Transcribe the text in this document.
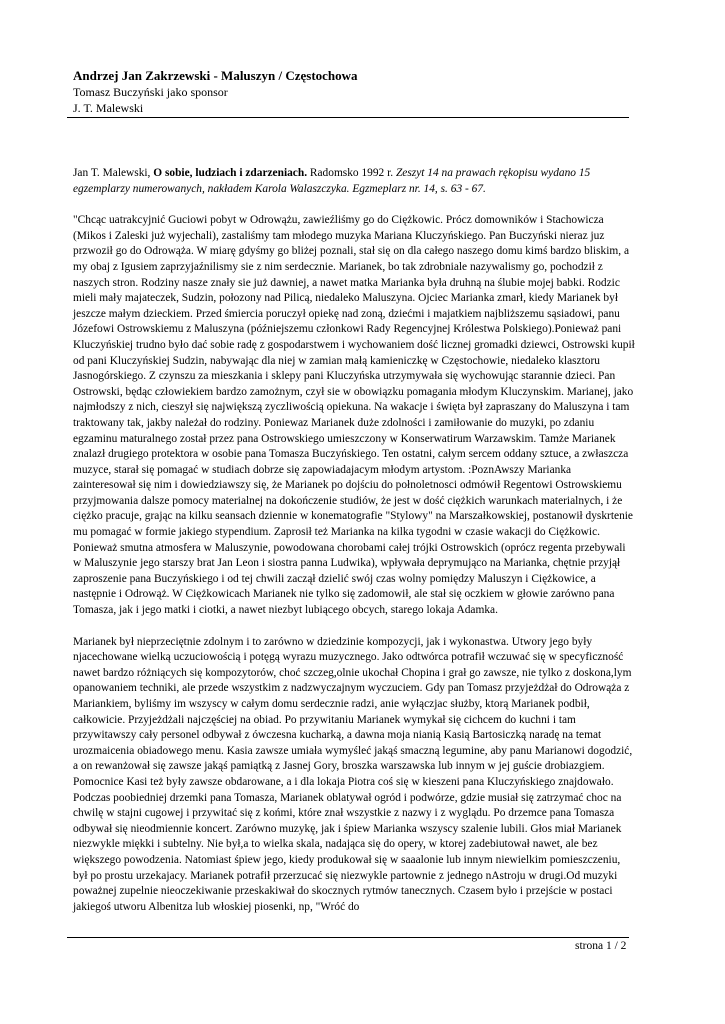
Andrzej Jan Zakrzewski - Maluszyn / Częstochowa
Tomasz Buczyński jako sponsor
J. T. Malewski

Jan T. Malewski, O sobie, ludziach i zdarzeniach. Radomsko 1992 r. Zeszyt 14 na prawach rękopisu wydano 15 egzemplarzy numerowanych, nakładem Karola Walaszczyka. Egzmeplarz nr. 14, s. 63 - 67.

"Chcąc uatrakcyjnić Guciowi pobyt w Odrowążu, zawieźliśmy go do Ciężkowic. Prócz domowników i Stachowicza (Mikos i Zaleski już wyjechali), zastaliśmy tam młodego muzyka Mariana Kluczyńskiego. Pan Buczyński nieraz juz przwoził go do Odrowąża. W miarę gdyśmy go bliżej poznali, stał się on dla całego naszego domu kimś bardzo bliskim, a my obaj z Igusiem zaprzyjaźnilismy sie z nim serdecznie. Marianek, bo tak zdrobniale nazywalismy go, pochodził z naszych stron. Rodziny nasze znały sie już dawniej, a nawet matka Marianka była druhną na ślubie mojej babki. Rodzic mieli mały majateczek, Sudzin, połozony nad Pilicą, niedaleko Maluszyna. Ojciec Marianka zmarł, kiedy Marianek był jeszcze małym dzieckiem. Przed śmiercia poruczył opiekę nad zoną, dziećmi i majatkiem najbliższemu sąsiadowi, panu Józefowi Ostrowskiemu z Maluszyna (późniejszemu członkowi Rady Regencyjnej Królestwa Polskiego).Ponieważ pani Kluczyńskiej trudno było dać sobie radę z gospodarstwem i wychowaniem dość licznej gromadki dziewci, Ostrowski kupił od pani Kluczyńskiej Sudzin, nabywając dla niej w zamian małą kamieniczkę w Częstochowie, niedaleko klasztoru Jasnogórskiego. Z czynszu za mieszkania i sklepy pani Kluczyńska utrzymywała się wychowując starannie dzieci. Pan Ostrowski, będąc człowiekiem bardzo zamożnym, czył sie w obowiązku pomagania młodym Kluczynskim. Marianej, jako najmłodszy z nich, cieszył się największą zyczliwością opiekuna. Na wakacje i święta był zapraszany do Maluszyna i tam traktowany tak, jakby należał do rodziny. Poniewaz Marianek duże zdolności i zamiłowanie do muzyki, po zdaniu egzaminu maturalnego został przez pana Ostrowskiego umieszczony w Konserwatirum Warzawskim. Tamże Marianek znalazł drugiego protektora w osobie pana Tomasza Buczyńskiego. Ten ostatni, całym sercem oddany sztuce, a zwłaszcza muzyce, starał się pomagać w studiach dobrze się zapowiadajacym młodym artystom. :PoznAwszy Marianka zainteresował się nim i dowiedziawszy się, że Marianek po dojściu do połnoletnosci odmówił Regentowi Ostrowskiemu przyjmowania dalsze pomocy materialnej na dokończenie studiów, że jest w dość ciężkich warunkach materialnych, i że ciężko pracuje, grając na kilku seansach dziennie w konematografie "Stylowy" na Marszałkowskiej, postanowił dyskrtenie mu pomagać w formie jakiego stypendium. Zaprosił też Marianka na kilka tygodni w czasie wakacji do Ciężkowic. Ponieważ smutna atmosfera w Maluszynie, powodowana chorobami całej trójki Ostrowskich (oprócz regenta przebywali w Maluszynie jego starszy brat Jan Leon i siostra panna Ludwika), wpływała deprymująco na Marianka, chętnie przyjął zaproszenie pana Buczyńskiego i od tej chwili zaczął dzielić swój czas wolny pomiędzy Maluszyn i Ciężkowice, a następnie i Odrowąż. W Ciężkowicach Marianek nie tylko się zadomowił, ale stał się oczkiem w głowie zarówno pana Tomasza, jak i jego matki i ciotki, a nawet niezbyt lubiącego obcych, starego lokaja Adamka.

Marianek był nieprzeciętnie zdolnym i to zarówno w dziedzinie kompozycji, jak i wykonastwa. Utwory jego były njacechowane wielką uczuciowością i potęgą wyrazu muzycznego. Jako odtwórca potrafił wczuwać się w specyficzność nawet bardzo różniących się kompozytorów, choć szczeg,olnie ukochał Chopina i grał go zawsze, nie tylko z doskona,lym opanowaniem techniki, ale przede wszystkim z nadzwyczajnym wyczuciem. Gdy pan Tomasz przyjeżdżał do Odrowąża z Mariankiem, byliśmy im wszyscy w całym domu serdecznie radzi, anie wyłączjac służby, ktorą Marianek podbił, całkowicie. Przyjeżdżali najczęściej na obiad. Po przywitaniu Marianek wymykał się cichcem do kuchni i tam przywitawszy cały personel odbywał z ówczesna kucharką, a dawna moja nianią Kasią Bartosiczką naradę na temat urozmaicenia obiadowego menu. Kasia zawsze umiała wymyśleć jakąś smaczną legumine, aby panu Marianowi dogodzić, a on rewanżował się zawsze jakąś pamiątką z Jasnej Gory, broszka warszawska lub innym w jej guście drobiazgiem. Pomocnice Kasi też były zawsze obdarowane, a i dla lokaja Piotra coś się w kieszeni pana Kluczyńskiego znajdowało. Podczas poobiedniej drzemki pana Tomasza, Marianek oblatywał ogród i podwórze, gdzie musiał się zatrzymać choc na chwilę w stajni cugowej i przywitać się z końmi, które znał wszystkie z nazwy i z wyglądu. Po drzemce pana Tomasza odbywał się nieodmiennie koncert. Zarówno muzykę, jak i śpiew Marianka wszyscy szalenie lubili. Głos miał Marianek niezwykle miękki i subtelny. Nie był,a to wielka skala, nadająca się do opery, w ktorej zadebiutował nawet, ale bez większego powodzenia. Natomiast śpiew jego, kiedy produkował się w saaalonie lub innym niewielkim pomieszczeniu, był po prostu urzekajacy. Marianek potrafił przerzucać się niezwykle partownie z jednego nAstroju w drugi.Od muzyki poważnej zupelnie nieoczekiwanie przeskakiwał do skocznych rytmów tanecznych. Czasem było i przejście w postaci jakiegoś utworu Albenitza lub włoskiej piosenki, np, "Wróć do

strona 1 / 2
